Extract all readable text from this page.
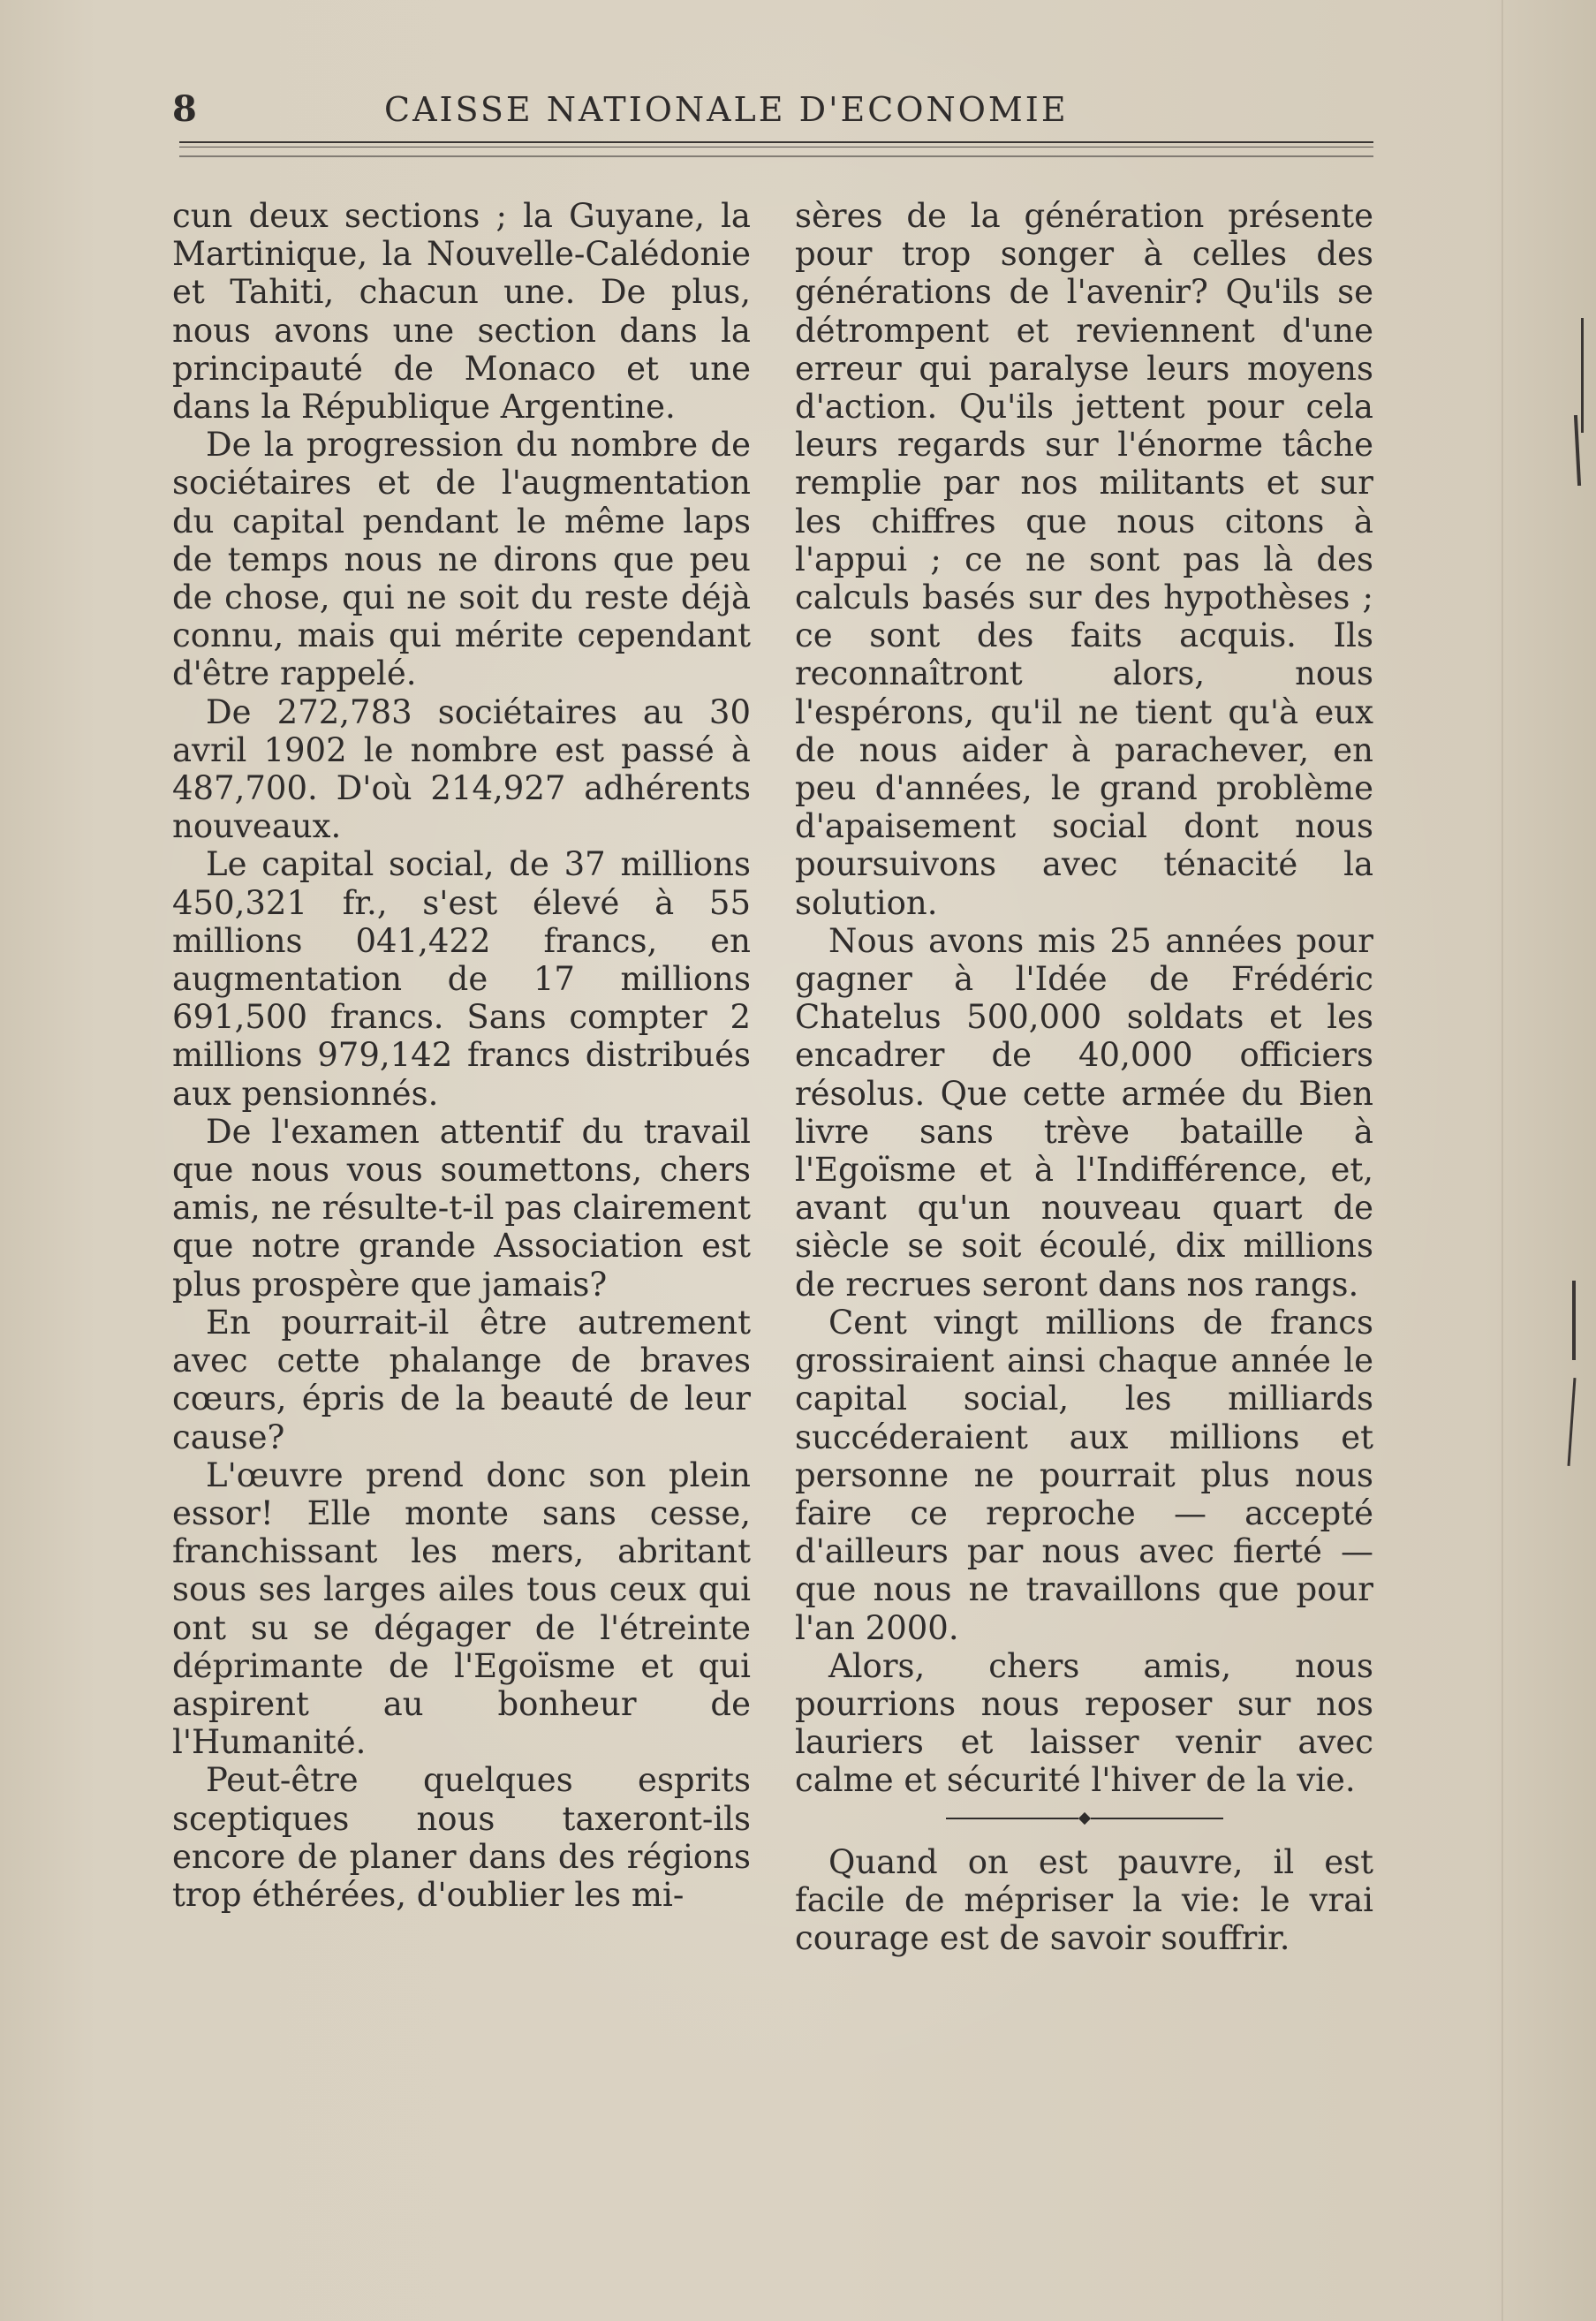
8	CAISSE NATIONALE D'ECONOMIE

cun deux sections ; la Guyane, la Martinique, la Nouvelle-Calédonie et Tahiti, chacun une. De plus, nous avons une section dans la principauté de Monaco et une dans la République Argentine.

De la progression du nombre de sociétaires et de l'augmentation du capital pendant le même laps de temps nous ne dirons que peu de chose, qui ne soit du reste déjà connu, mais qui mérite cependant d'être rappelé.

De 272,783 sociétaires au 30 avril 1902 le nombre est passé à 487,700. D'où 214,927 adhérents nouveaux.

Le capital social, de 37 millions 450,321 fr., s'est élevé à 55 millions 041,422 francs, en augmentation de 17 millions 691,500 francs. Sans compter 2 millions 979,142 francs distribués aux pensionnés.

De l'examen attentif du travail que nous vous soumettons, chers amis, ne résulte-t-il pas clairement que notre grande Association est plus prospère que jamais?

En pourrait-il être autrement avec cette phalange de braves cœurs, épris de la beauté de leur cause?

L'œuvre prend donc son plein essor! Elle monte sans cesse, franchissant les mers, abritant sous ses larges ailes tous ceux qui ont su se dégager de l'étreinte déprimante de l'Egoïsme et qui aspirent au bonheur de l'Humanité.

Peut-être quelques esprits sceptiques nous taxeront-ils encore de planer dans des régions trop éthérées, d'oublier les mi-

sères de la génération présente pour trop songer à celles des générations de l'avenir? Qu'ils se détrompent et reviennent d'une erreur qui paralyse leurs moyens d'action. Qu'ils jettent pour cela leurs regards sur l'énorme tâche remplie par nos militants et sur les chiffres que nous citons à l'appui ; ce ne sont pas là des calculs basés sur des hypothèses ; ce sont des faits acquis. Ils reconnaîtront alors, nous l'espérons, qu'il ne tient qu'à eux de nous aider à parachever, en peu d'années, le grand problème d'apaisement social dont nous poursuivons avec ténacité la solution.

Nous avons mis 25 années pour gagner à l'Idée de Frédéric Chatelus 500,000 soldats et les encadrer de 40,000 officiers résolus. Que cette armée du Bien livre sans trève bataille à l'Egoïsme et à l'Indifférence, et, avant qu'un nouveau quart de siècle se soit écoulé, dix millions de recrues seront dans nos rangs.

Cent vingt millions de francs grossiraient ainsi chaque année le capital social, les milliards succéderaient aux millions et personne ne pourrait plus nous faire ce reproche — accepté d'ailleurs par nous avec fierté — que nous ne travaillons que pour l'an 2000.

Alors, chers amis, nous pourrions nous reposer sur nos lauriers et laisser venir avec calme et sécurité l'hiver de la vie.

Quand on est pauvre, il est facile de mépriser la vie: le vrai courage est de savoir souffrir.
